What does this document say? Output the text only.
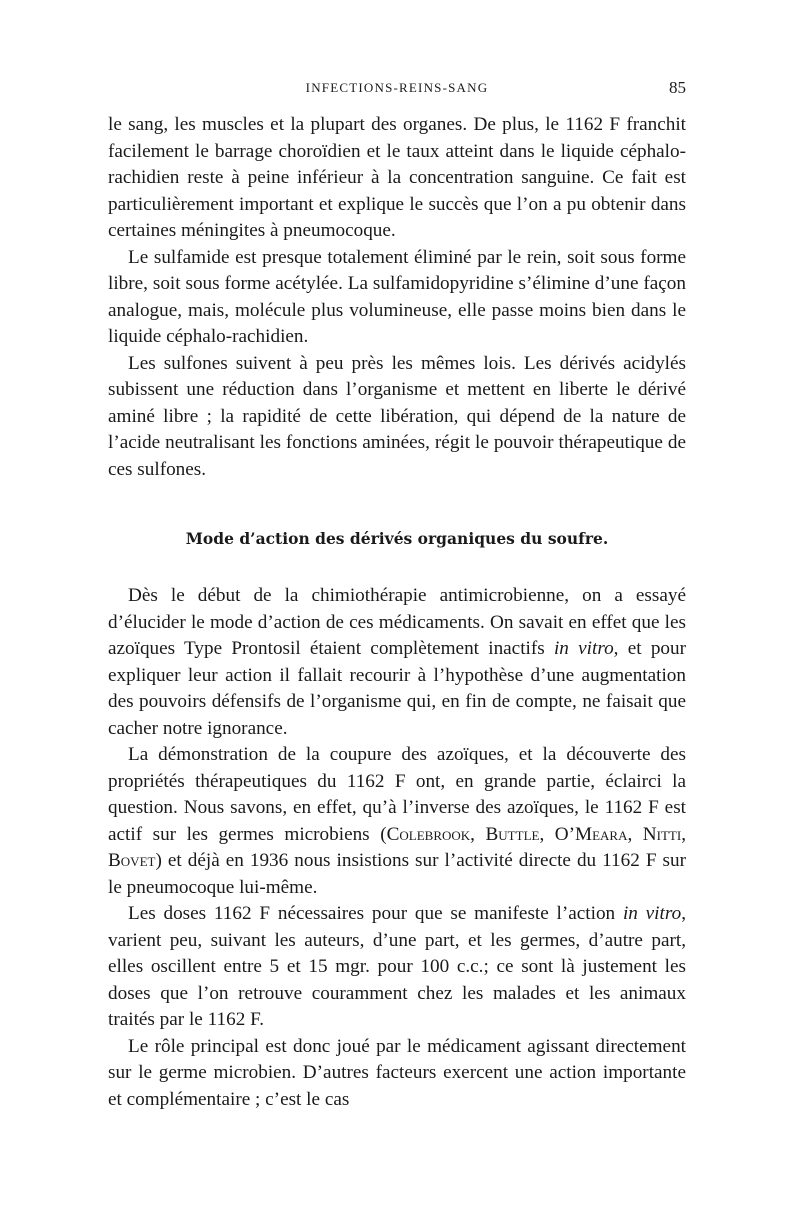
INFECTIONS-REINS-SANG	85

le sang, les muscles et la plupart des organes. De plus, le 1162 F franchit facilement le barrage choroïdien et le taux atteint dans le liquide céphalo-rachidien reste à peine inférieur à la concentration sanguine. Ce fait est particulièrement important et explique le succès que l’on a pu obtenir dans certaines méningites à pneumocoque.

Le sulfamide est presque totalement éliminé par le rein, soit sous forme libre, soit sous forme acétylée. La sulfamidopyridine s’élimine d’une façon analogue, mais, molécule plus volumineuse, elle passe moins bien dans le liquide céphalo-rachidien.

Les sulfones suivent à peu près les mêmes lois. Les dérivés acidylés subissent une réduction dans l’organisme et mettent en liberte le dérivé aminé libre ; la rapidité de cette libération, qui dépend de la nature de l’acide neutralisant les fonctions aminées, régit le pouvoir thérapeutique de ces sulfones.

Mode d’action des dérivés organiques du soufre.

Dès le début de la chimiothérapie antimicrobienne, on a essayé d’élucider le mode d’action de ces médicaments. On savait en effet que les azoïques Type Prontosil étaient complètement inactifs in vitro, et pour expliquer leur action il fallait recourir à l’hypothèse d’une augmentation des pouvoirs défensifs de l’organisme qui, en fin de compte, ne faisait que cacher notre ignorance.

La démonstration de la coupure des azoïques, et la découverte des propriétés thérapeutiques du 1162 F ont, en grande partie, éclairci la question. Nous savons, en effet, qu’à l’inverse des azoïques, le 1162 F est actif sur les germes microbiens (Colebrook, Buttle, O’Meara, Nitti, Bovet) et déjà en 1936 nous insistions sur l’activité directe du 1162 F sur le pneumocoque lui-même.

Les doses 1162 F nécessaires pour que se manifeste l’action in vitro, varient peu, suivant les auteurs, d’une part, et les germes, d’autre part, elles oscillent entre 5 et 15 mgr. pour 100 c.c.; ce sont là justement les doses que l’on retrouve couramment chez les malades et les animaux traités par le 1162 F.

Le rôle principal est donc joué par le médicament agissant directement sur le germe microbien. D’autres facteurs exercent une action importante et complémentaire ; c’est le cas
